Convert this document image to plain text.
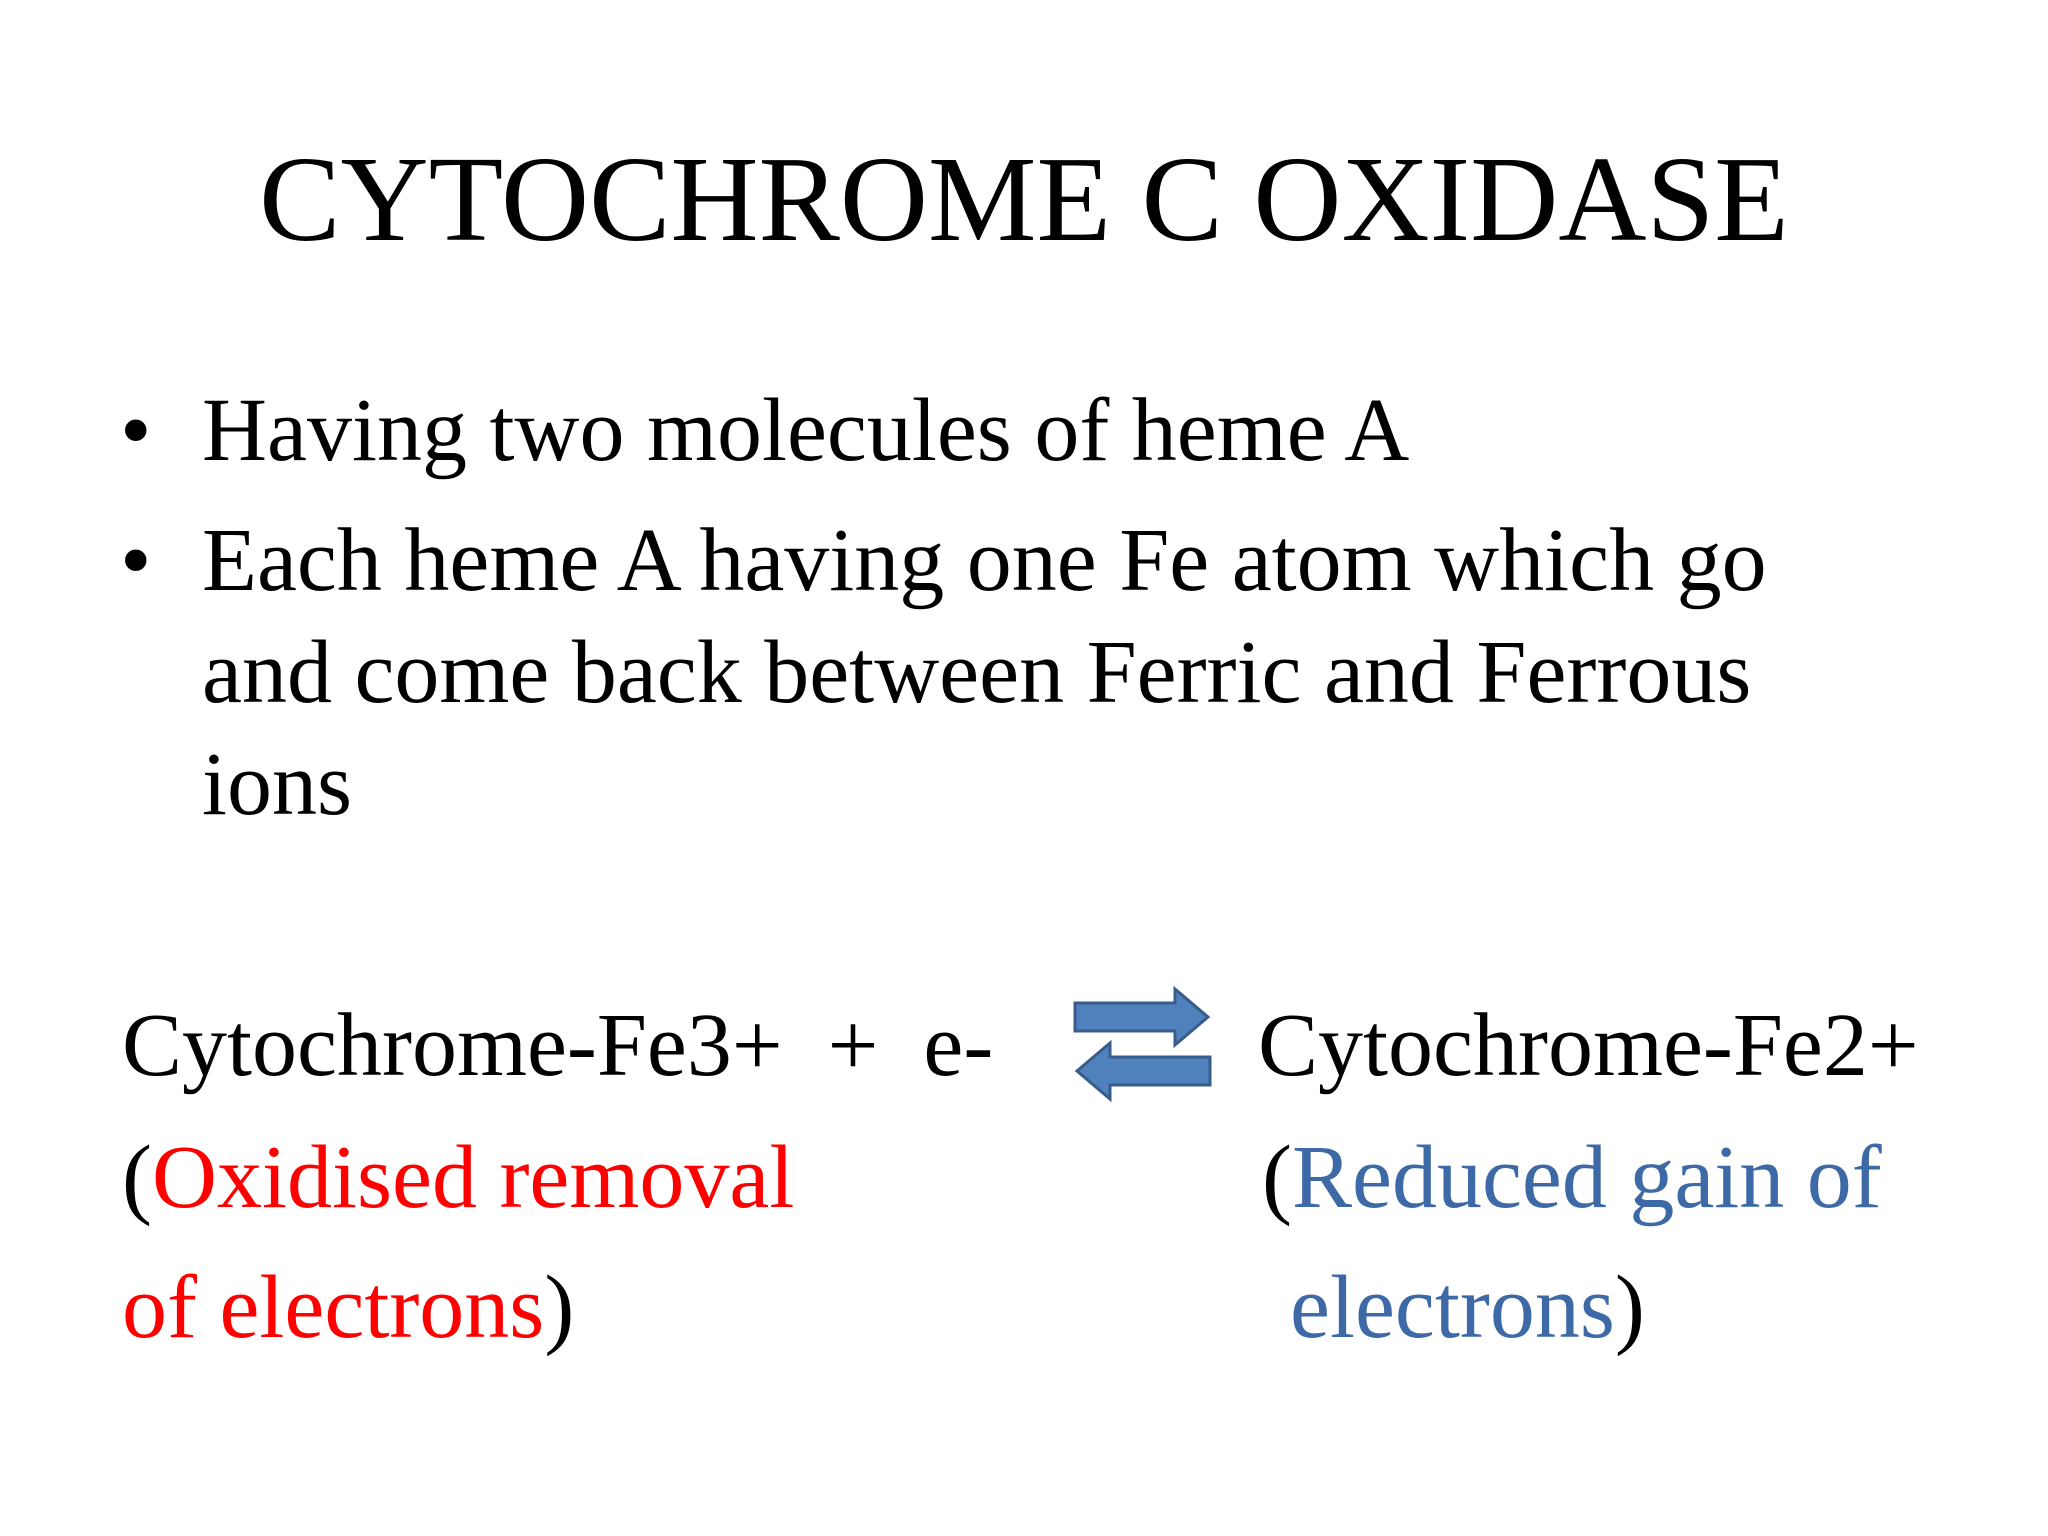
CYTOCHROME C OXIDASE
• Having two molecules of heme A
• Each heme A having one Fe atom which go and come back between Ferric and Ferrous ions
Cytochrome-Fe3+  +  e-	Cytochrome-Fe2+
(Oxidised removal
of electrons)
(Reduced gain of
electrons)
